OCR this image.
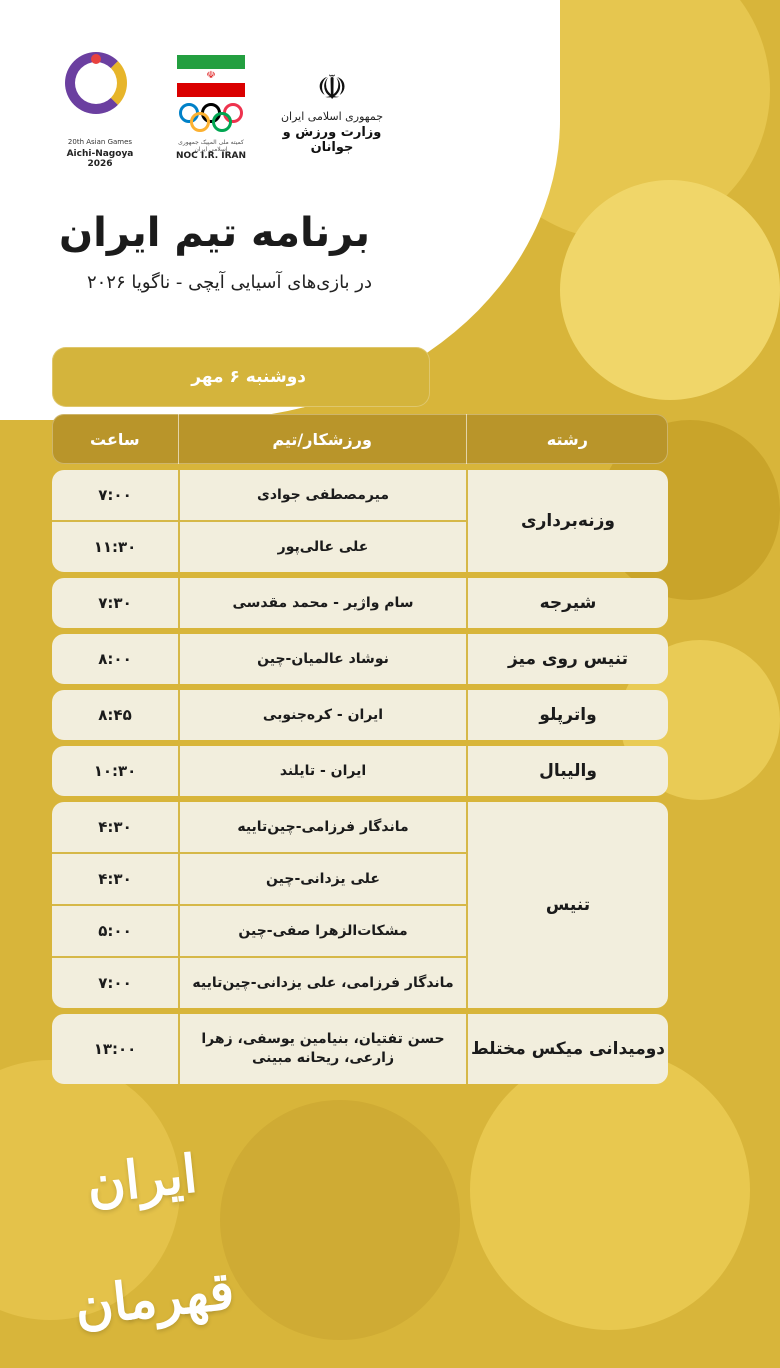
20th Asian Games
Aichi-Nagoya 2026
☫
کمیته ملی المپیک جمهوری اسلامی ایران
NOC I.R. IRAN
☫
جمهوری اسلامی ایران
وزارت ورزش و جوانان
برنامه تیم ایران
در بازی‌های آسیایی آیچی - ناگویا ۲۰۲۶
دوشنبه ۶ مهر
رشته
ورزشکار/تیم
ساعت
وزنه‌برداری
میرمصطفی جوادی
۷:۰۰
علی عالی‌پور
۱۱:۳۰
شیرجه
سام واژیر - محمد مقدسی
۷:۳۰
تنیس روی میز
نوشاد عالمیان-چین
۸:۰۰
واترپلو
ایران - کره‌جنوبی
۸:۴۵
والیبال
ایران - تایلند
۱۰:۳۰
تنیس
ماندگار فرزامی-چین‌تاییه
۴:۳۰
علی یزدانی-چین
۴:۳۰
مشکات‌الزهرا صفی-چین
۵:۰۰
ماندگار فرزامی، علی یزدانی-چین‌تاییه
۷:۰۰
دومیدانی میکس مختلط
حسن تفتیان، بنیامین یوسفی، زهرا زارعی، ریحانه مبینی
۱۳:۰۰
ایران قهرمان
